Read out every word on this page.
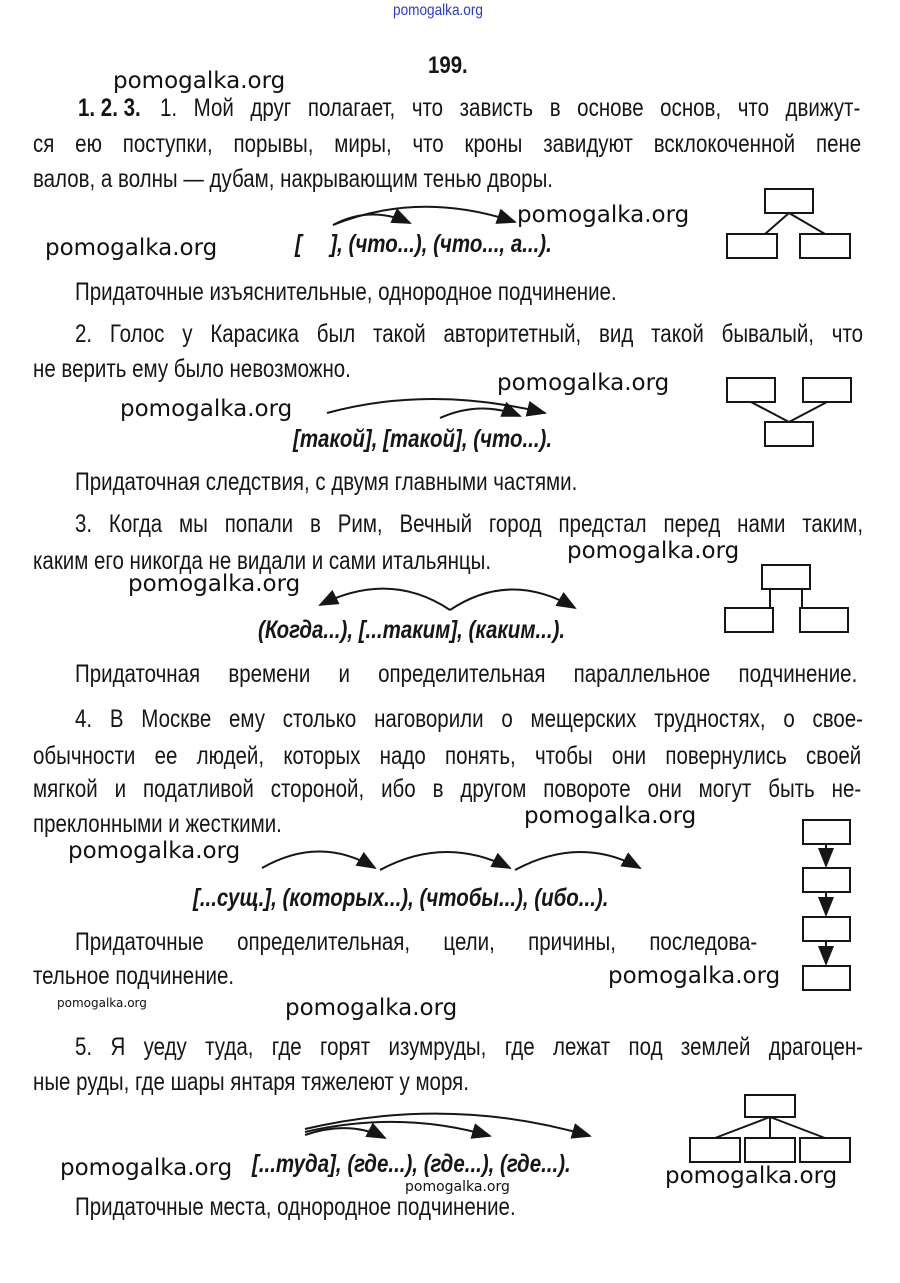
pomogalka.org
199.
pomogalka.org
pomogalka.org
pomogalka.org
pomogalka.org
pomogalka.org
pomogalka.org
pomogalka.org
pomogalka.org
pomogalka.org
pomogalka.org
pomogalka.org	pomogalka.org
pomogalka.org	pomogalka.org
pomogalka.org
1. 2. 3. 1. Мой друг полагает, что зависть в основе основ, что движут-
ся ею поступки, порывы, миры, что кроны завидуют всклокоченной пене
валов, а волны — дубам, накрывающим тенью дворы.
[     ], (что...), (что..., а...).
Придаточные изъяснительные, однородное подчинение.
2. Голос у Карасика был такой авторитетный, вид такой бывалый, что
не верить ему было невозможно.
[такой], [такой], (что...).
Придаточная следствия, с двумя главными частями.
3. Когда мы попали в Рим, Вечный город предстал перед нами таким,
каким его никогда не видали и сами итальянцы.
(Когда...), [...таким], (каким...).
Придаточная времени и определительная параллельное подчинение.
4. В Москве ему столько наговорили о мещерских трудностях, о свое-
обычности ее людей, которых надо понять, чтобы они повернулись своей
мягкой и податливой стороной, ибо в другом повороте они могут быть не-
преклонными и жесткими.
[...сущ.], (которых...), (чтобы...), (ибо...).
Придаточные определительная, цели, причины, последова-
тельное подчинение.
5. Я уеду туда, где горят изумруды, где лежат под землей драгоцен-
ные руды, где шары янтаря тяжелеют у моря.
[...туда], (где...), (где...), (где...).
Придаточные места, однородное подчинение.
